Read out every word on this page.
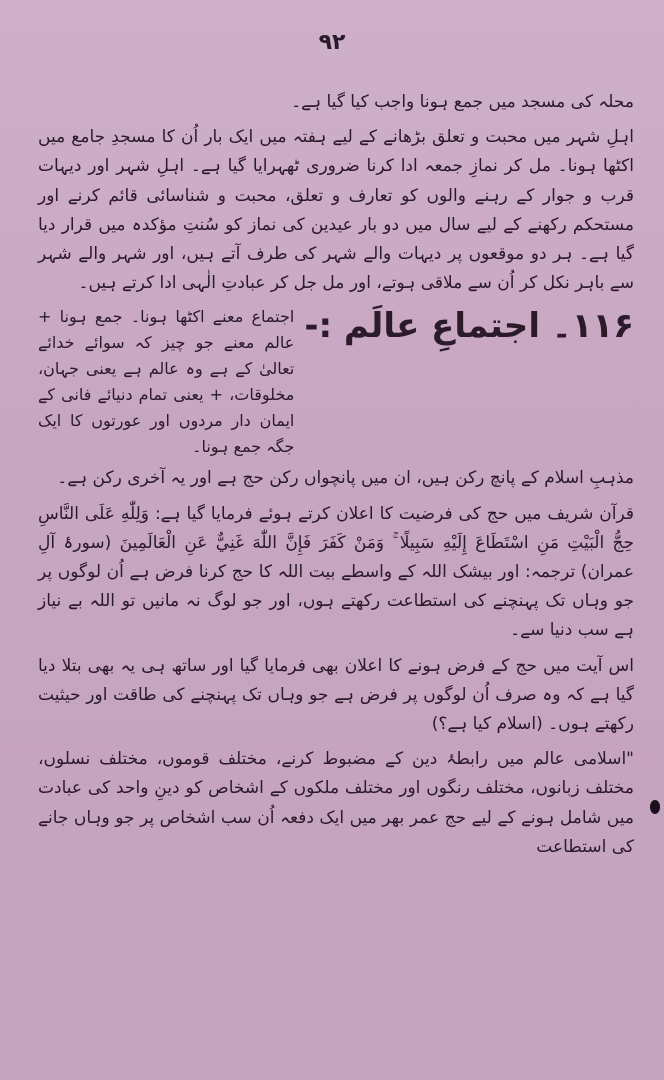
۹۲

محلہ کی مسجد میں جمع ہونا واجب کیا گیا ہے۔

اہلِ شہر میں محبت و تعلق بڑھانے کے لیے ہفتہ میں ایک بار اُن کا مسجدِ جامع میں اکٹھا ہونا۔ مل کر نمازِ جمعہ ادا کرنا ضروری ٹھہرایا گیا ہے۔ اہلِ شہر اور دیہات قرب و جوار کے رہنے والوں کو تعارف و تعلق، محبت و شناسائی قائم کرنے اور مستحکم رکھنے کے لیے سال میں دو بار عیدین کی نماز کو سُنتِ مؤکدہ میں قرار دیا گیا ہے۔ ہر دو موقعوں پر دیہات والے شہر کی طرف آتے ہیں، اور شہر والے شہر سے باہر نکل کر اُن سے ملاقی ہوتے، اور مل جل کر عبادتِ الٰہی ادا کرتے ہیں۔

۱۱۶۔ اجتماعِ عالَم :-
اجتماع معنے اکٹھا ہونا۔ جمع ہونا + عالم معنے جو چیز کہ سوائے خدائے تعالیٰ کے ہے وہ عالم ہے یعنی جہان، مخلوقات، + یعنی تمام دنیائے فانی کے ایمان دار مردوں اور عورتوں کا ایک جگہ جمع ہونا۔

مذہبِ اسلام کے پانچ رکن ہیں، ان میں پانچواں رکن حج ہے اور یہ آخری رکن ہے۔

قرآن شریف میں حج کی فرضیت کا اعلان کرتے ہوئے فرمایا گیا ہے: وَلِلّٰهِ عَلَى النَّاسِ حِجُّ الْبَيْتِ مَنِ اسْتَطَاعَ إِلَيْهِ سَبِيلًا ۚ وَمَنْ كَفَرَ فَإِنَّ اللّٰهَ غَنِيٌّ عَنِ الْعَالَمِينَ (سورۂ آلِ عمران) ترجمہ: اور بیشک اللہ کے واسطے بیت اللہ کا حج کرنا فرض ہے اُن لوگوں پر جو وہاں تک پہنچنے کی استطاعت رکھتے ہوں، اور جو لوگ نہ مانیں تو اللہ بے نیاز ہے سب دنیا سے۔

اس آیت میں حج کے فرض ہونے کا اعلان بھی فرمایا گیا اور ساتھ ہی یہ بھی بتلا دیا گیا ہے کہ وہ صرف اُن لوگوں پر فرض ہے جو وہاں تک پہنچنے کی طاقت اور حیثیت رکھتے ہوں۔ (اسلام کیا ہے؟)

"اسلامی عالم میں رابطۂ دین کے مضبوط کرنے، مختلف قوموں، مختلف نسلوں، مختلف زبانوں، مختلف رنگوں اور مختلف ملکوں کے اشخاص کو دینِ واحد کی عبادت میں شامل ہونے کے لیے حج عمر بھر میں ایک دفعہ اُن سب اشخاص پر جو وہاں جانے کی استطاعت
